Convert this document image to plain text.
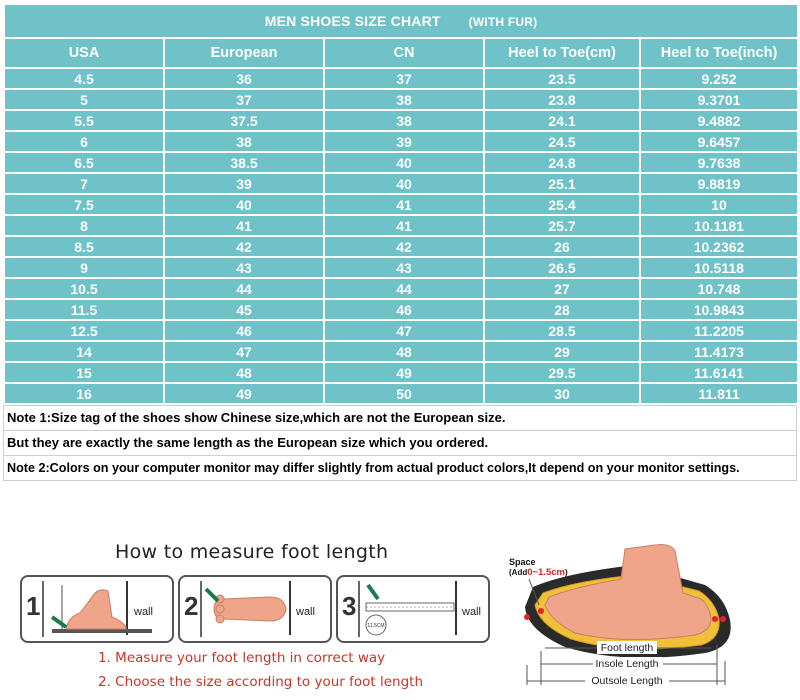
MEN SHOES SIZE CHART (WITH FUR)				
USA	European	CN	Heel to Toe(cm)	Heel to Toe(inch)
4.5	36	37	23.5	9.252
5	37	38	23.8	9.3701
5.5	37.5	38	24.1	9.4882
6	38	39	24.5	9.6457
6.5	38.5	40	24.8	9.7638
7	39	40	25.1	9.8819
7.5	40	41	25.4	10
8	41	41	25.7	10.1181
8.5	42	42	26	10.2362
9	43	43	26.5	10.5118
10.5	44	44	27	10.748
11.5	45	46	28	10.9843
12.5	46	47	28.5	11.2205
14	47	48	29	11.4173
15	48	49	29.5	11.6141
16	49	50	30	11.811
Note 1:Size tag of the shoes show Chinese size,which are not the European size.
But they are exactly the same length as the European size which you ordered.
Note 2:Colors on your computer monitor may differ slightly from actual product colors,It depend on your monitor settings.
How to measure foot length
1	wall 2	wall 3
11.5CM
wall
1. Measure your foot length in correct way
2. Choose the size according to your foot length
Space
(Add0~1.5cm)
Foot length
Insole Length
Outsole Length
